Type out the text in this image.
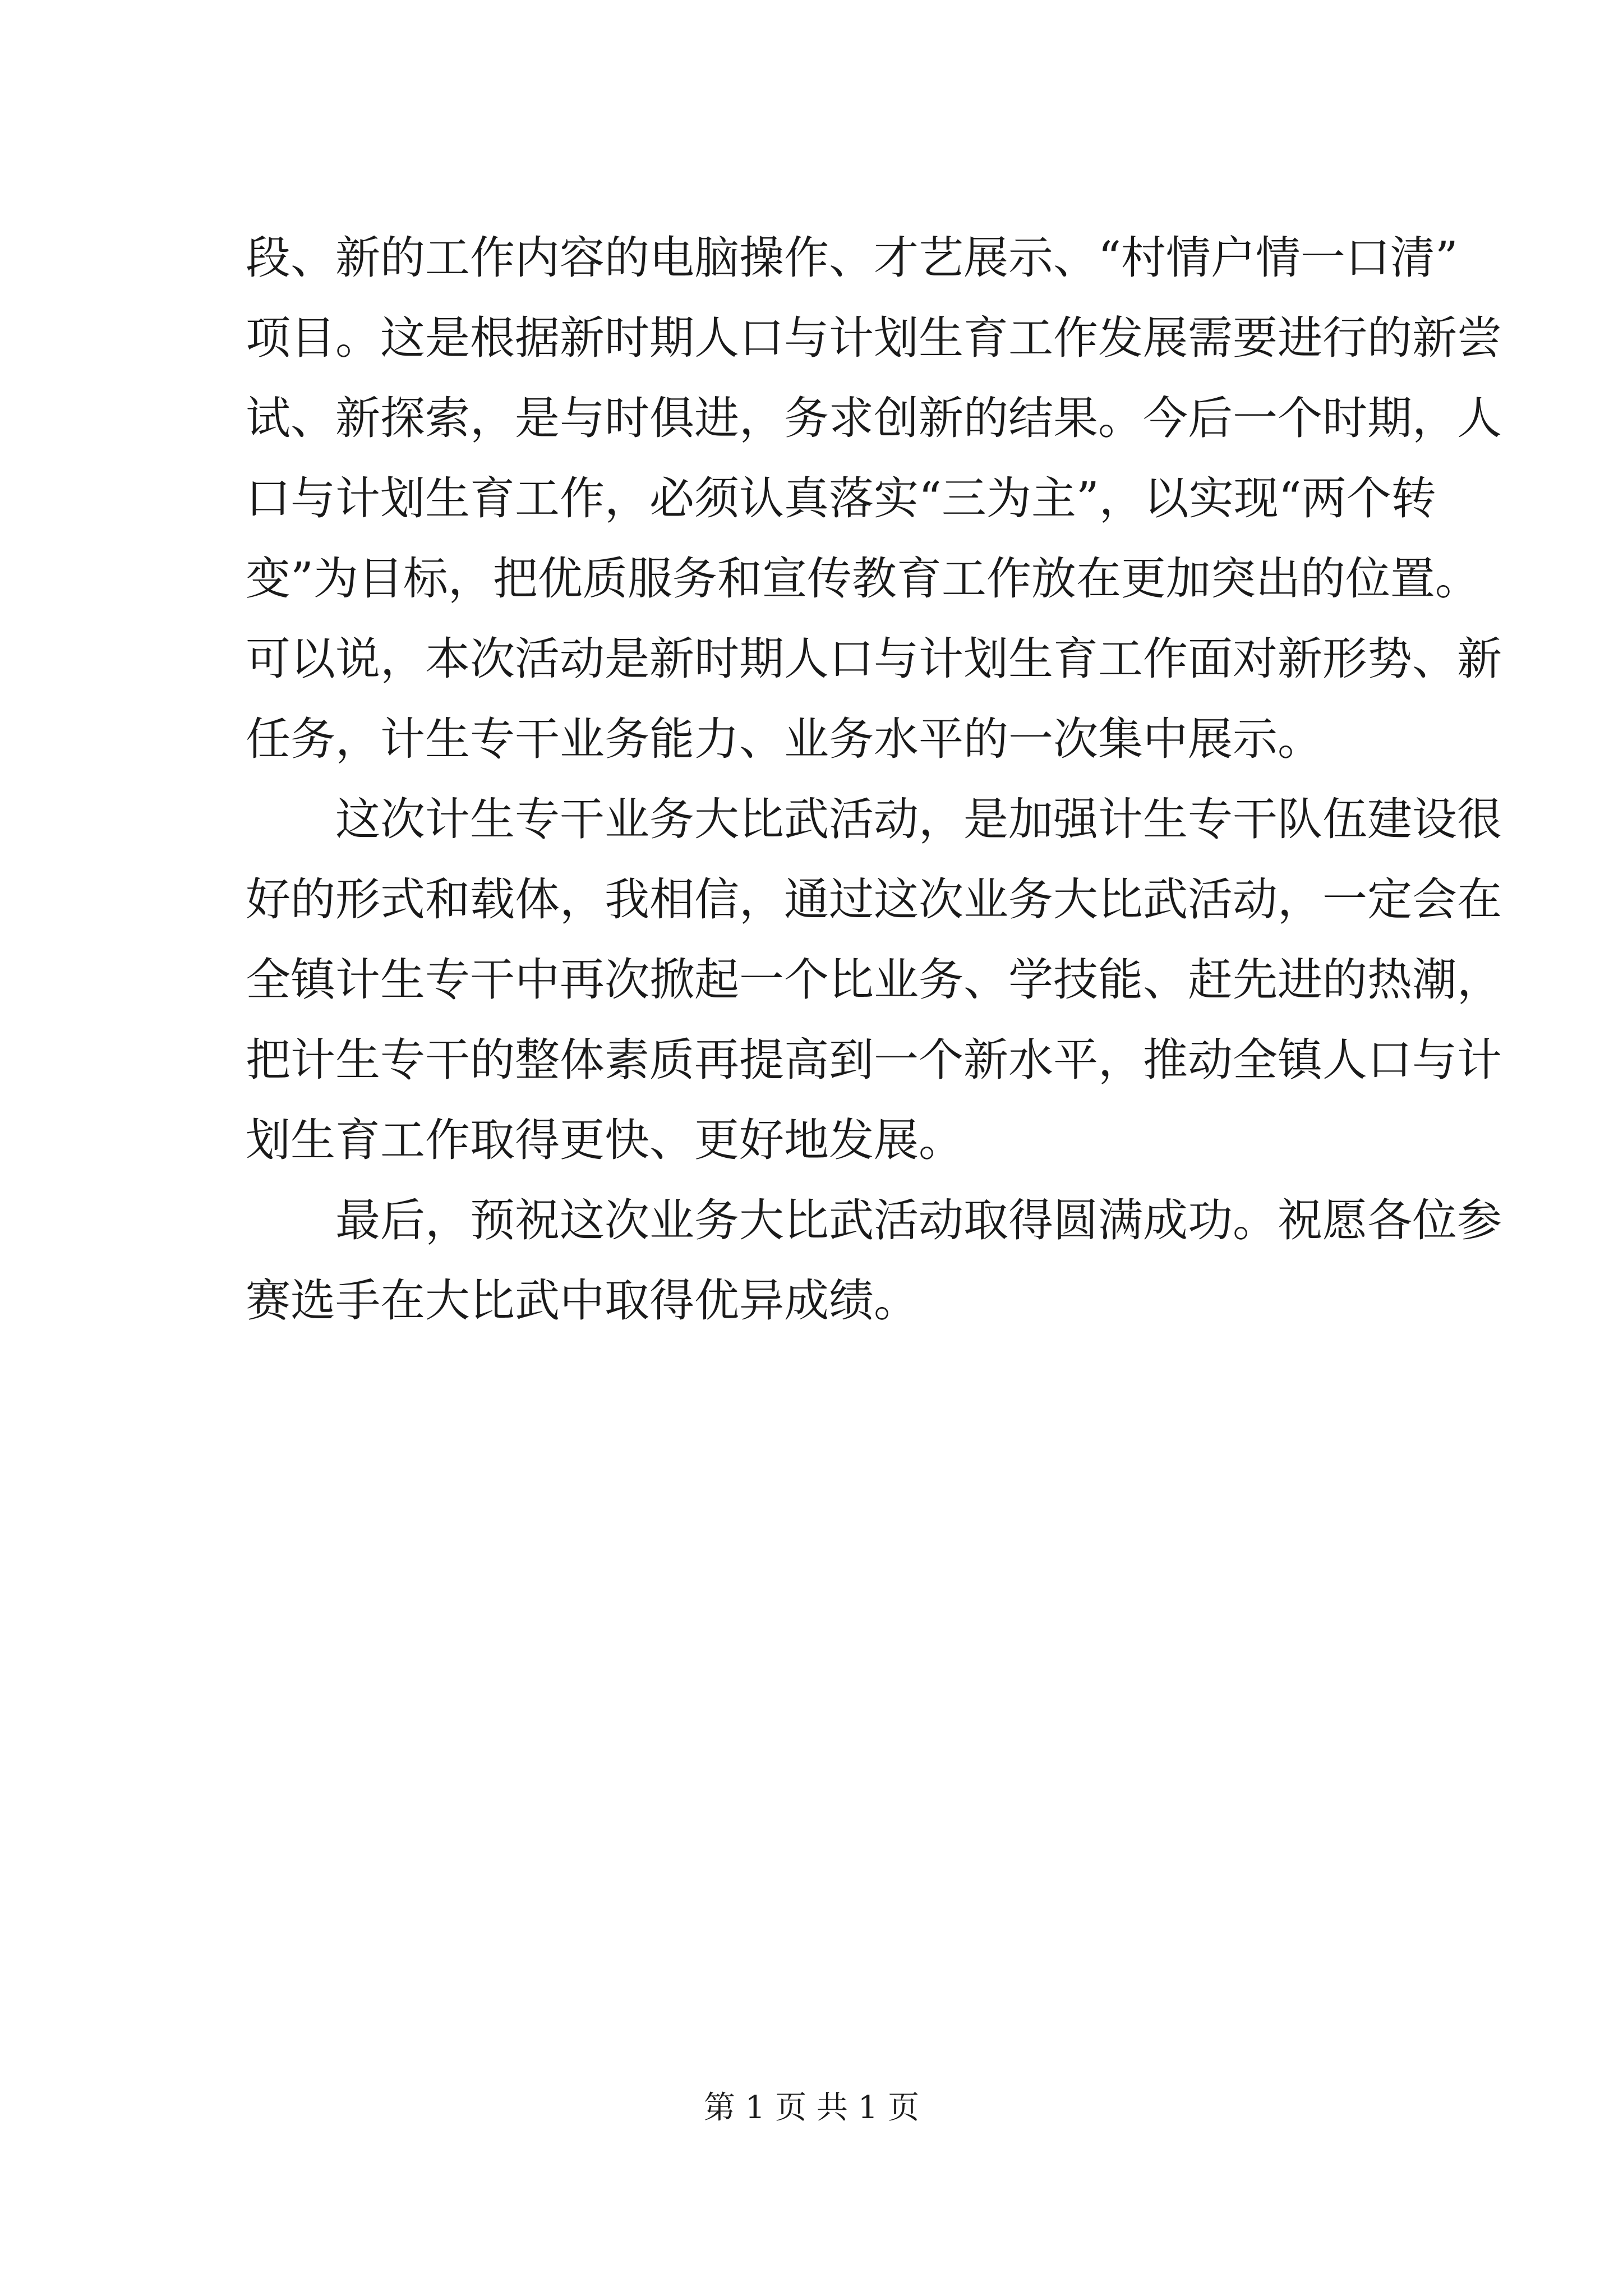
段、新的工作内容的电脑操作、才艺展示、“村情户情一口清”
项目。这是根据新时期人口与计划生育工作发展需要进行的新尝
试、新探索，是与时俱进，务求创新的结果。今后一个时期，人
口与计划生育工作，必须认真落实“三为主”，以实现“两个转
变”为目标，把优质服务和宣传教育工作放在更加突出的位置。
可以说，本次活动是新时期人口与计划生育工作面对新形势、新
任务，计生专干业务能力、业务水平的一次集中展示。
这次计生专干业务大比武活动，是加强计生专干队伍建设很
好的形式和载体，我相信，通过这次业务大比武活动，一定会在
全镇计生专干中再次掀起一个比业务、学技能、赶先进的热潮，
把计生专干的整体素质再提高到一个新水平，推动全镇人口与计
划生育工作取得更快、更好地发展。
最后，预祝这次业务大比武活动取得圆满成功。祝愿各位参
赛选手在大比武中取得优异成绩。
第 1 页 共 1 页
